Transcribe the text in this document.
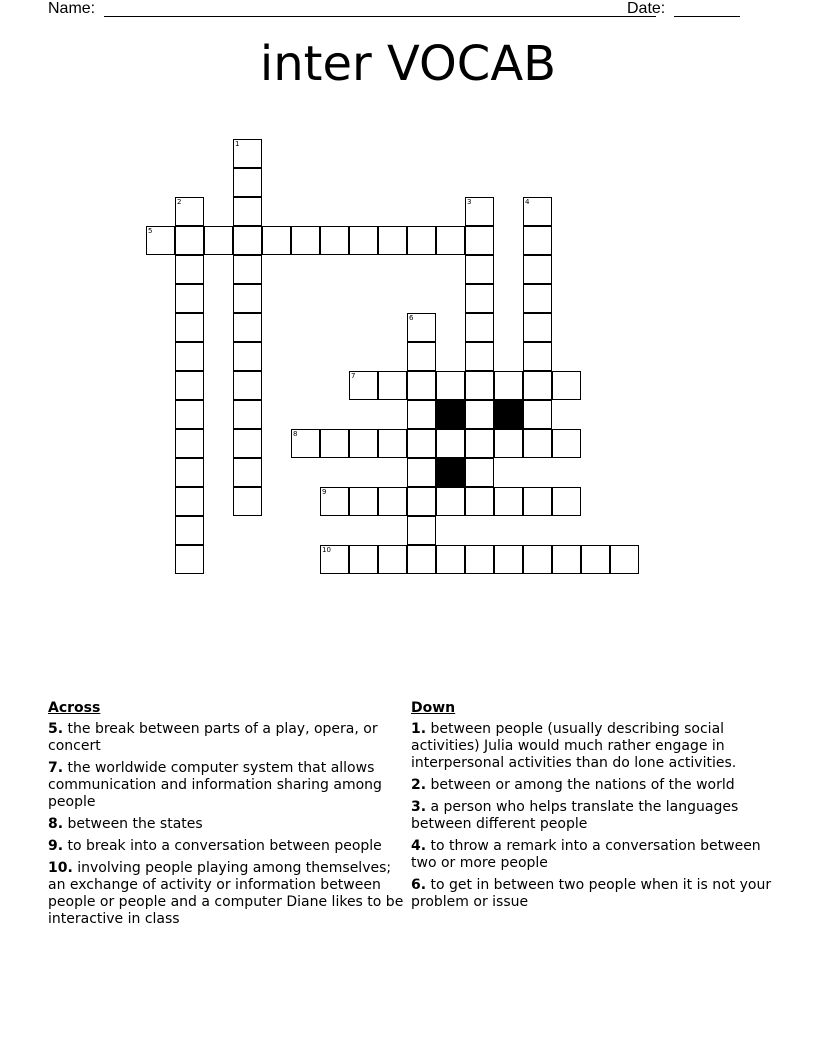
Name:	Date:
inter VOCAB
1
2	3	4
5
6
7
8
9
10
Across
5. the break between parts of a play, opera, or concert
7. the worldwide computer system that allows communication and information sharing among people
8. between the states
9. to break into a conversation between people
10. involving people playing among themselves; an exchange of activity or information between people or people and a computer Diane likes to be interactive in class
Down
1. between people (usually describing social activities) Julia would much rather engage in interpersonal activities than do lone activities.
2. between or among the nations of the world
3. a person who helps translate the languages between different people
4. to throw a remark into a conversation between two or more people
6. to get in between two people when it is not your problem or issue
